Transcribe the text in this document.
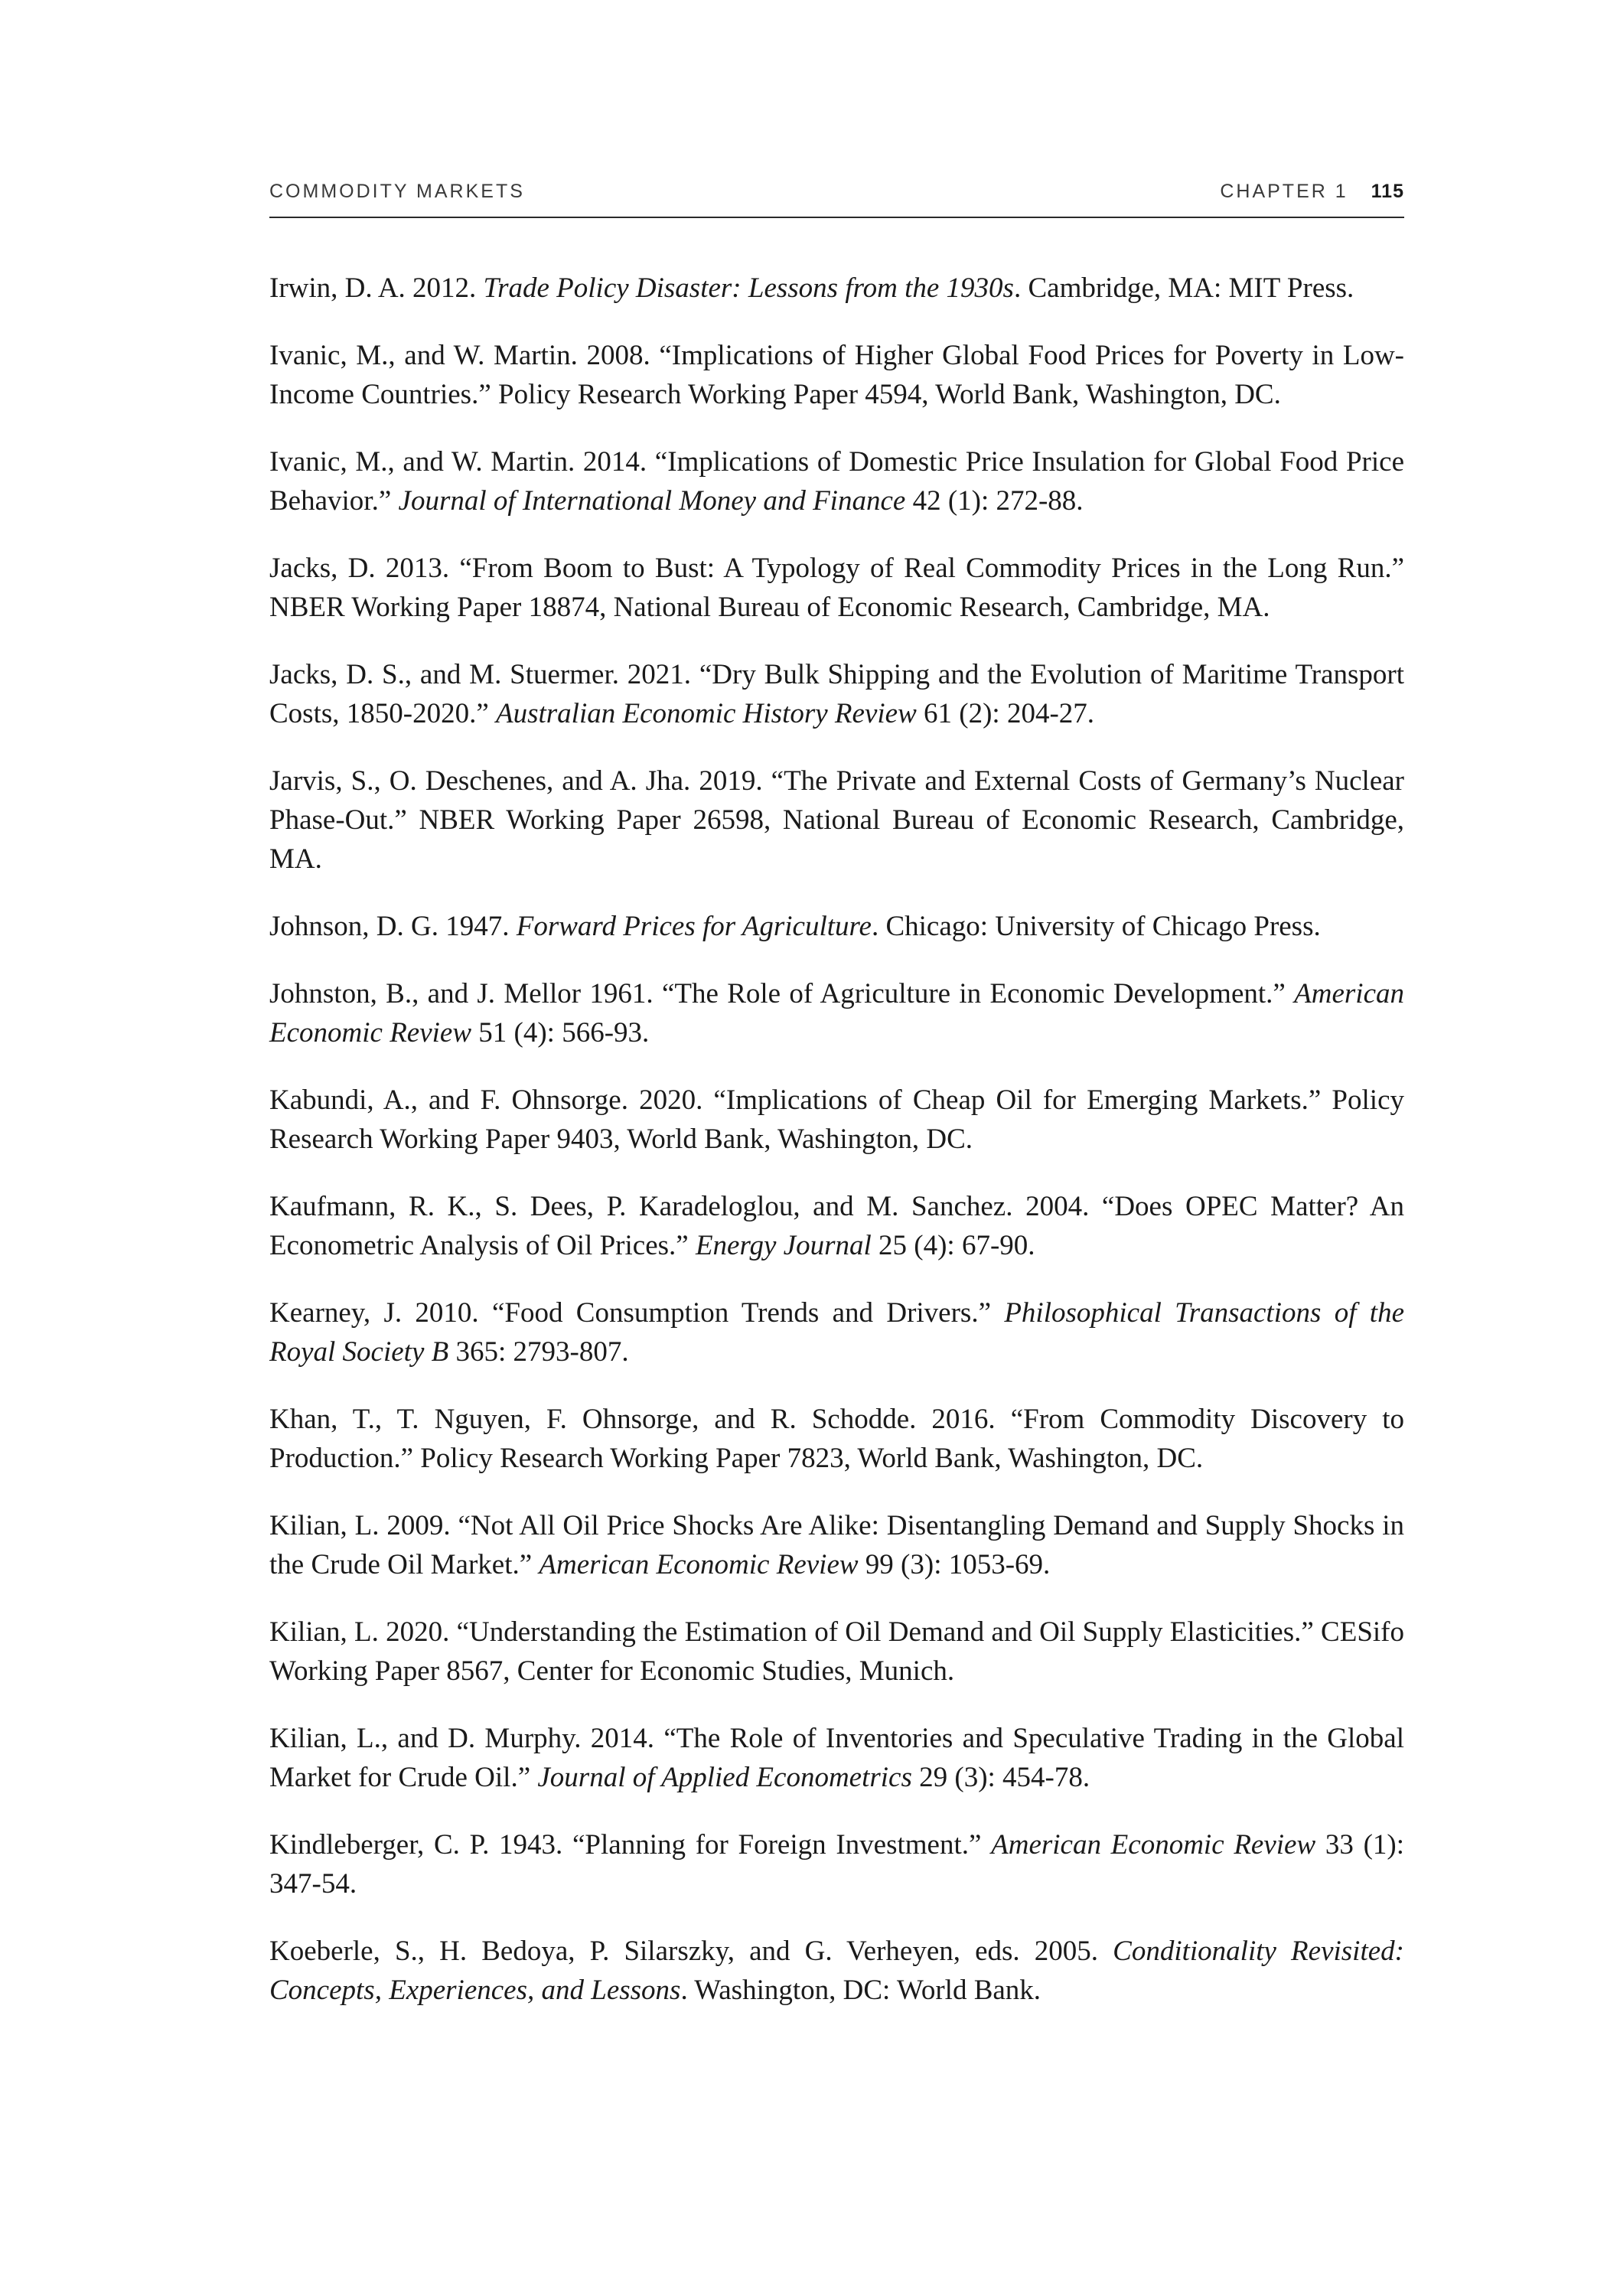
COMMODITY MARKETS	CHAPTER 1 115

Irwin, D. A. 2012. Trade Policy Disaster: Lessons from the 1930s. Cambridge, MA: MIT Press.

Ivanic, M., and W. Martin. 2008. “Implications of Higher Global Food Prices for Poverty in Low-Income Countries.” Policy Research Working Paper 4594, World Bank, Washington, DC.

Ivanic, M., and W. Martin. 2014. “Implications of Domestic Price Insulation for Global Food Price Behavior.” Journal of International Money and Finance 42 (1): 272-88.

Jacks, D. 2013. “From Boom to Bust: A Typology of Real Commodity Prices in the Long Run.” NBER Working Paper 18874, National Bureau of Economic Research, Cambridge, MA.

Jacks, D. S., and M. Stuermer. 2021. “Dry Bulk Shipping and the Evolution of Maritime Transport Costs, 1850-2020.” Australian Economic History Review 61 (2): 204-27.

Jarvis, S., O. Deschenes, and A. Jha. 2019. “The Private and External Costs of Germany’s Nuclear Phase-Out.” NBER Working Paper 26598, National Bureau of Economic Research, Cambridge, MA.

Johnson, D. G. 1947. Forward Prices for Agriculture. Chicago: University of Chicago Press.

Johnston, B., and J. Mellor 1961. “The Role of Agriculture in Economic Development.” American Economic Review 51 (4): 566-93.

Kabundi, A., and F. Ohnsorge. 2020. “Implications of Cheap Oil for Emerging Markets.” Policy Research Working Paper 9403, World Bank, Washington, DC.

Kaufmann, R. K., S. Dees, P. Karadeloglou, and M. Sanchez. 2004. “Does OPEC Matter? An Econometric Analysis of Oil Prices.” Energy Journal 25 (4): 67-90.

Kearney, J. 2010. “Food Consumption Trends and Drivers.” Philosophical Transactions of the Royal Society B 365: 2793-807.

Khan, T., T. Nguyen, F. Ohnsorge, and R. Schodde. 2016. “From Commodity Discovery to Production.” Policy Research Working Paper 7823, World Bank, Washington, DC.

Kilian, L. 2009. “Not All Oil Price Shocks Are Alike: Disentangling Demand and Supply Shocks in the Crude Oil Market.” American Economic Review 99 (3): 1053-69.

Kilian, L. 2020. “Understanding the Estimation of Oil Demand and Oil Supply Elasticities.” CESifo Working Paper 8567, Center for Economic Studies, Munich.

Kilian, L., and D. Murphy. 2014. “The Role of Inventories and Speculative Trading in the Global Market for Crude Oil.” Journal of Applied Econometrics 29 (3): 454-78.

Kindleberger, C. P. 1943. “Planning for Foreign Investment.” American Economic Review 33 (1): 347-54.

Koeberle, S., H. Bedoya, P. Silarszky, and G. Verheyen, eds. 2005. Conditionality Revisited: Concepts, Experiences, and Lessons. Washington, DC: World Bank.
